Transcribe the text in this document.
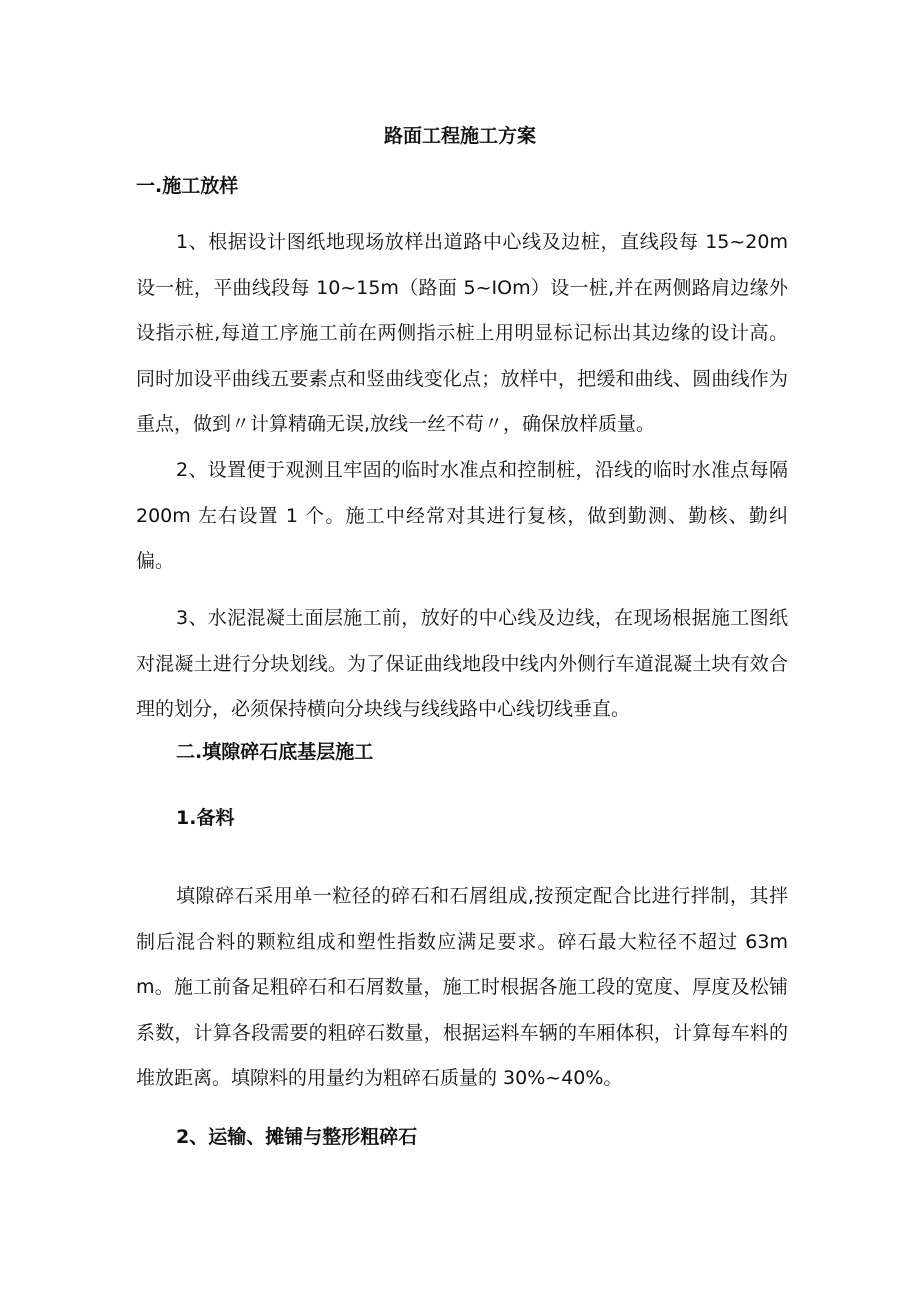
路面工程施工方案
一.施工放样

1、根据设计图纸地现场放样出道路中心线及边桩，直线段每 15~20m 设一桩，平曲线段每 10~15m（路面 5~IOm）设一桩,并在两侧路肩边缘外设指示桩,每道工序施工前在两侧指示桩上用明显标记标出其边缘的设计高。同时加设平曲线五要素点和竖曲线变化点；放样中，把缓和曲线、圆曲线作为重点，做到〃计算精确无误,放线一丝不苟〃，确保放样质量。

2、设置便于观测且牢固的临时水准点和控制桩，沿线的临时水准点每隔 200m 左右设置 1 个。施工中经常对其进行复核，做到勤测、勤核、勤纠偏。

3、水泥混凝土面层施工前，放好的中心线及边线，在现场根据施工图纸对混凝土进行分块划线。为了保证曲线地段中线内外侧行车道混凝土块有效合理的划分，必须保持横向分块线与线线路中心线切线垂直。

二.填隙碎石底基层施工
1.备料

填隙碎石采用单一粒径的碎石和石屑组成,按预定配合比进行拌制，其拌制后混合料的颗粒组成和塑性指数应满足要求。碎石最大粒径不超过 63mm。施工前备足粗碎石和石屑数量，施工时根据各施工段的宽度、厚度及松铺系数，计算各段需要的粗碎石数量，根据运料车辆的车厢体积，计算每车料的堆放距离。填隙料的用量约为粗碎石质量的 30%~40%。

2、运输、摊铺与整形粗碎石
